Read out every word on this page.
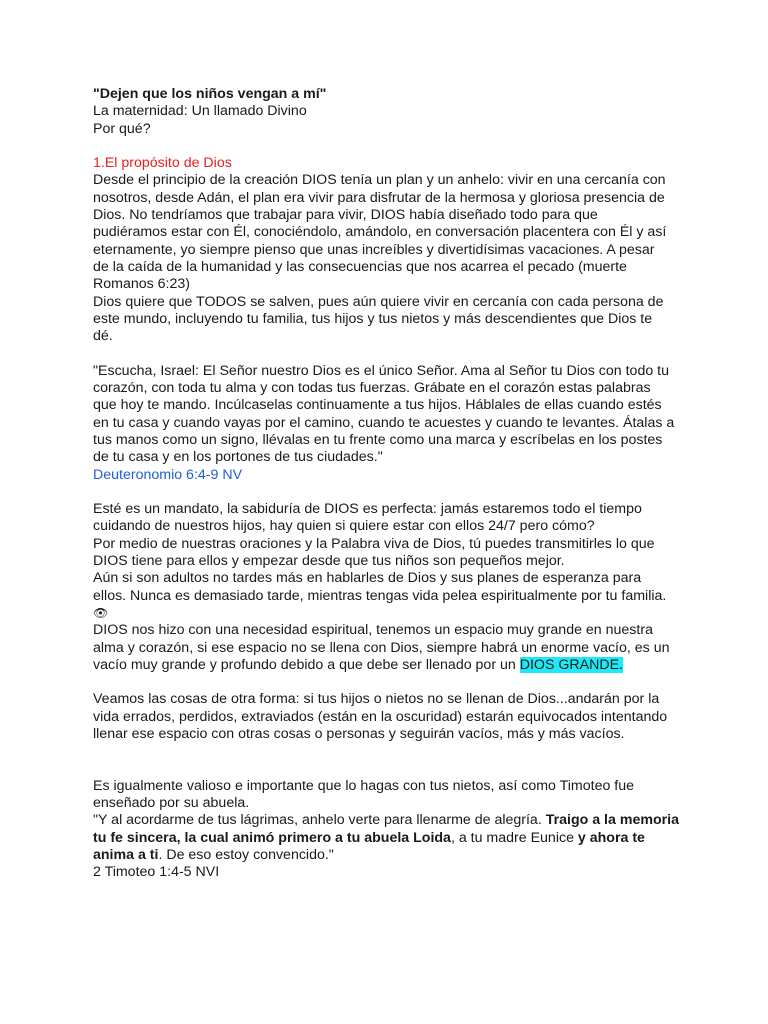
"Dejen que los niños vengan a mí"

La maternidad: Un llamado Divino

Por qué?

1.El propósito de Dios

Desde el principio de la creación DIOS tenía un plan y un anhelo: vivir en una cercanía con

nosotros, desde Adán, el plan era vivir para disfrutar de la hermosa y gloriosa presencia de

Dios. No tendríamos que trabajar para vivir, DIOS había diseñado todo para que

pudiéramos estar con Él, conociéndolo, amándolo, en conversación placentera con Él y así

eternamente, yo siempre pienso que unas increíbles y divertidísimas vacaciones. A pesar

de la caída de la humanidad y las consecuencias que nos acarrea el pecado (muerte

Romanos 6:23)

Dios quiere que TODOS se salven, pues aún quiere vivir en cercanía con cada persona de

este mundo, incluyendo tu familia, tus hijos y tus nietos y más descendientes que Dios te

dé.

"Escucha, Israel: El Señor nuestro Dios es el único Señor. Ama al Señor tu Dios con todo tu

corazón, con toda tu alma y con todas tus fuerzas. Grábate en el corazón estas palabras

que hoy te mando. Incúlcaselas continuamente a tus hijos. Háblales de ellas cuando estés

en tu casa y cuando vayas por el camino, cuando te acuestes y cuando te levantes. Átalas a

tus manos como un signo, llévalas en tu frente como una marca y escríbelas en los postes

de tu casa y en los portones de tus ciudades."

Deuteronomio 6:4-9 NV

Esté es un mandato, la sabiduría de DIOS es perfecta: jamás estaremos todo el tiempo

cuidando de nuestros hijos, hay quien si quiere estar con ellos 24/7 pero cómo?

Por medio de nuestras oraciones y la Palabra viva de Dios, tú puedes transmitirles lo que

DIOS tiene para ellos y empezar desde que tus niños son pequeños mejor.

Aún si son adultos no tardes más en hablarles de Dios y sus planes de esperanza para

ellos. Nunca es demasiado tarde, mientras tengas vida pelea espiritualmente por tu familia.

👁

DIOS nos hizo con una necesidad espiritual, tenemos un espacio muy grande en nuestra

alma y corazón, si ese espacio no se llena con Dios, siempre habrá un enorme vacío, es un

vacío muy grande y profundo debido a que debe ser llenado por un DIOS GRANDE.

Veamos las cosas de otra forma: si tus hijos o nietos no se llenan de Dios...andarán por la

vida errados, perdidos, extraviados (están en la oscuridad) estarán equivocados intentando

llenar ese espacio con otras cosas o personas y seguirán vacíos, más y más vacíos.

Es igualmente valioso e importante que lo hagas con tus nietos, así como Timoteo fue

enseñado por su abuela.

"Y al acordarme de tus lágrimas, anhelo verte para llenarme de alegría. Traigo a la memoria tu fe sincera, la cual animó primero a tu abuela Loida, a tu madre Eunice y ahora te anima a ti. De eso estoy convencido."

2 Timoteo 1:4-5 NVI
